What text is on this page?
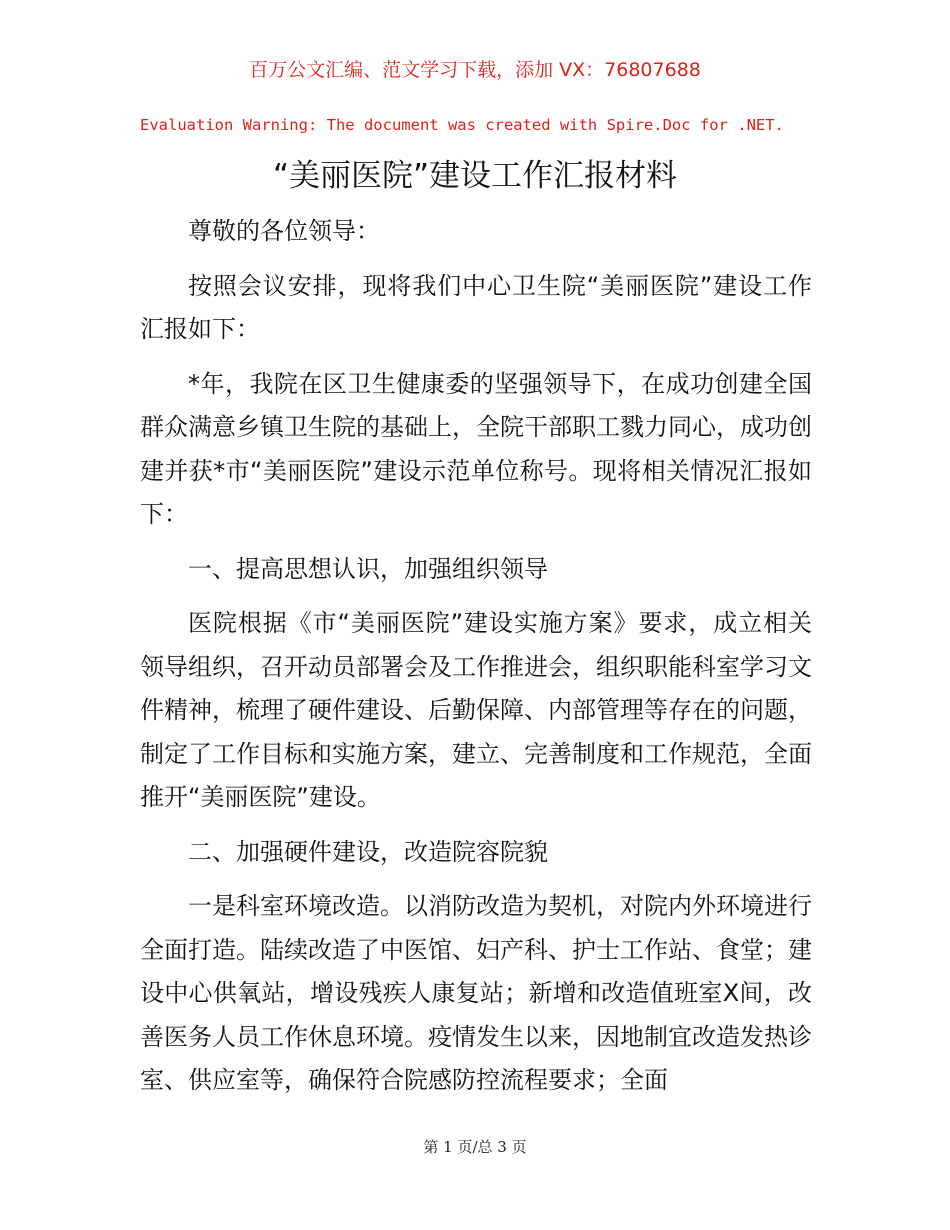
百万公文汇编、范文学习下载，添加 VX：76807688
Evaluation Warning: The document was created with Spire.Doc for .NET.
“美丽医院”建设工作汇报材料

尊敬的各位领导：

按照会议安排，现将我们中心卫生院“美丽医院”建设工作汇报如下：

*年，我院在区卫生健康委的坚强领导下，在成功创建全国群众满意乡镇卫生院的基础上，全院干部职工戮力同心，成功创建并获*市“美丽医院”建设示范单位称号。现将相关情况汇报如下：

一、提高思想认识，加强组织领导

医院根据《市“美丽医院”建设实施方案》要求，成立相关领导组织，召开动员部署会及工作推进会，组织职能科室学习文件精神，梳理了硬件建设、后勤保障、内部管理等存在的问题，制定了工作目标和实施方案，建立、完善制度和工作规范，全面推开“美丽医院”建设。

二、加强硬件建设，改造院容院貌

一是科室环境改造。以消防改造为契机，对院内外环境进行全面打造。陆续改造了中医馆、妇产科、护士工作站、食堂；建设中心供氧站，增设残疾人康复站；新增和改造值班室X间，改善医务人员工作休息环境。疫情发生以来，因地制宜改造发热诊室、供应室等，确保符合院感防控流程要求；全面

第 1 页/总 3 页
